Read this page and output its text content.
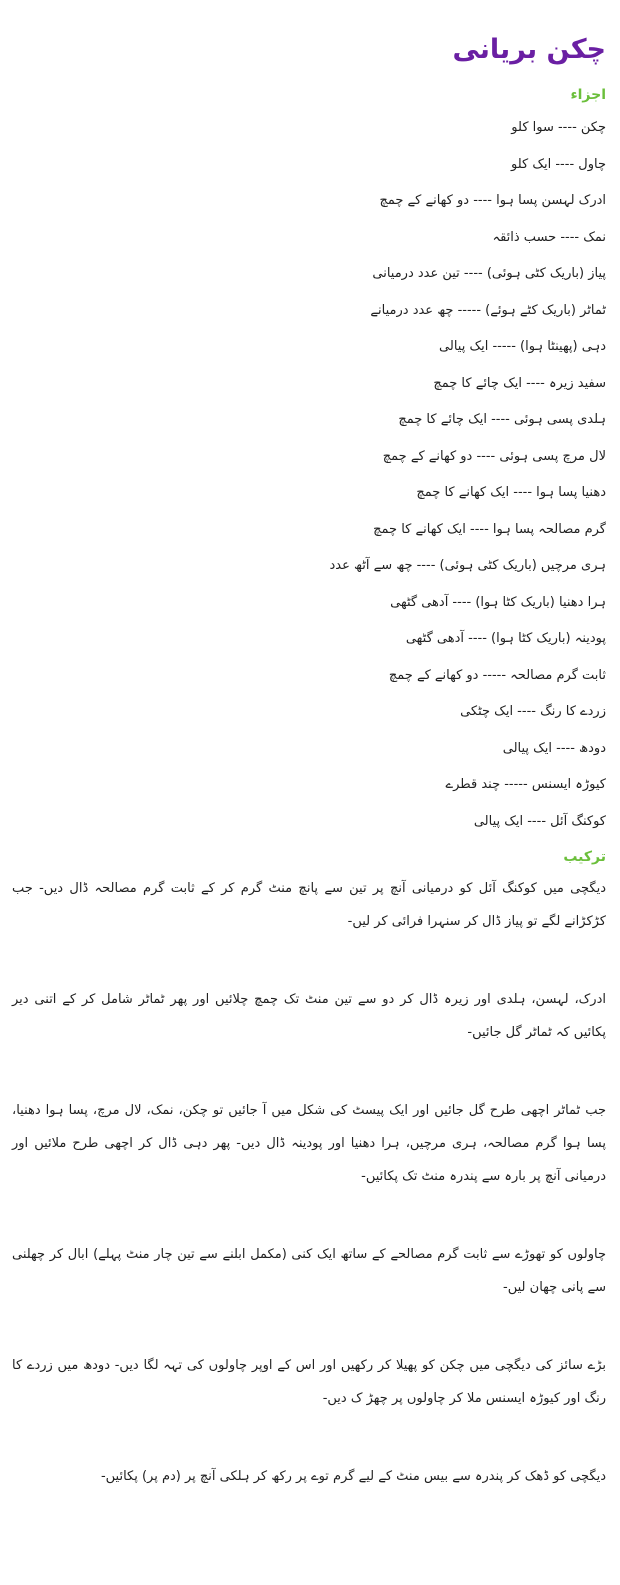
چکن بریانی
اجزاء
چکن ---- سوا کلو
چاول ---- ایک کلو
ادرک لہسن پسا ہوا ---- دو کھانے کے چمچ
نمک ---- حسب ذائقہ
پیاز (باریک کٹی ہوئی) ---- تین عدد درمیانی
ٹماٹر (باریک کٹے ہوئے) ----- چھ عدد درمیانے
دہی (پھینٹا ہوا) ----- ایک پیالی
سفید زیرہ ---- ایک چائے کا چمچ
ہلدی پسی ہوئی ---- ایک چائے کا چمچ
لال مرچ پسی ہوئی ---- دو کھانے کے چمچ
دھنیا پسا ہوا ---- ایک کھانے کا چمچ
گرم مصالحہ پسا ہوا ---- ایک کھانے کا چمچ
ہری مرچیں (باریک کٹی ہوئی) ---- چھ سے آٹھ عدد
ہرا دھنیا (باریک کٹا ہوا) ---- آدھی گٹھی
پودینہ (باریک کٹا ہوا) ---- آدھی گٹھی
ثابت گرم مصالحہ ----- دو کھانے کے چمچ
زردے کا رنگ ---- ایک چٹکی
دودھ ---- ایک پیالی
کیوڑہ ایسنس ----- چند قطرے
کوکنگ آئل ---- ایک پیالی
ترکیب

دیگچی میں کوکنگ آئل کو درمیانی آنچ پر تین سے پانچ منٹ گرم کر کے ثابت گرم مصالحہ ڈال دیں- جب کڑکڑانے لگے تو پیاز ڈال کر سنہرا فرائی کر لیں-

ادرک، لہسن، ہلدی اور زیرہ ڈال کر دو سے تین منٹ تک چمچ چلائیں اور پھر ٹماٹر شامل کر کے اتنی دیر پکائیں کہ ٹماٹر گل جائیں-

جب ٹماٹر اچھی طرح گل جائیں اور ایک پیسٹ کی شکل میں آ جائیں تو چکن، نمک، لال مرچ، پسا ہوا دھنیا، پسا ہوا گرم مصالحہ، ہری مرچیں، ہرا دھنیا اور پودینہ ڈال دیں- پھر دہی ڈال کر اچھی طرح ملائیں اور درمیانی آنچ پر بارہ سے پندرہ منٹ تک پکائیں-

چاولوں کو تھوڑے سے ثابت گرم مصالحے کے ساتھ ایک کنی (مکمل ابلنے سے تین چار منٹ پہلے) ابال کر چھلنی سے پانی چھان لیں-

بڑے سائز کی دیگچی میں چکن کو پھیلا کر رکھیں اور اس کے اوپر چاولوں کی تہہ لگا دیں- دودھ میں زردے کا رنگ اور کیوڑہ ایسنس ملا کر چاولوں پر چھڑ ک دیں-

دیگچی کو ڈھک کر پندرہ سے بیس منٹ کے لیے گرم توے پر رکھ کر ہلکی آنچ پر (دم پر) پکائیں-
